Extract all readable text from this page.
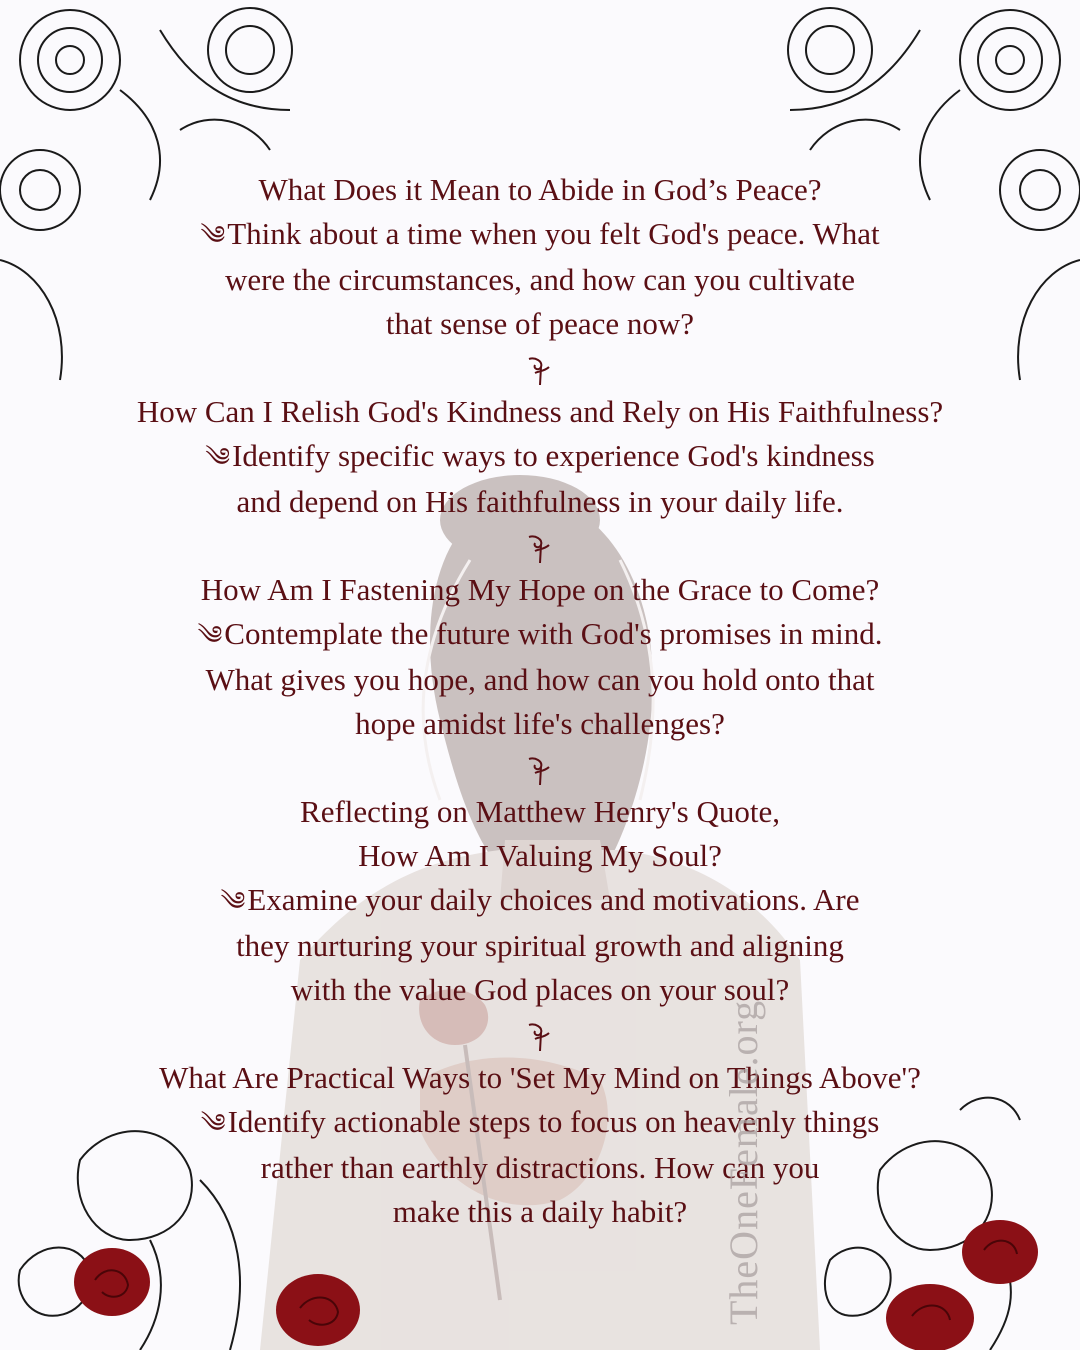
What Does it Mean to Abide in God’s Peace?
༄Think about a time when you felt God's peace. What
were the circumstances, and how can you cultivate
that sense of peace now?
How Can I Relish God's Kindness and Rely on His Faithfulness?
༄Identify specific ways to experience God's kindness
and depend on His faithfulness in your daily life.
How Am I Fastening My Hope on the Grace to Come?
༄Contemplate the future with God's promises in mind.
What gives you hope, and how can you hold onto that
hope amidst life's challenges?
Reflecting on Matthew Henry's Quote,
How Am I Valuing My Soul?
༄Examine your daily choices and motivations. Are
they nurturing your spiritual growth and aligning
with the value God places on your soul?
What Are Practical Ways to 'Set My Mind on Things Above'?
༄Identify actionable steps to focus on heavenly things
rather than earthly distractions. How can you
make this a daily habit? TheOneFemale.org
